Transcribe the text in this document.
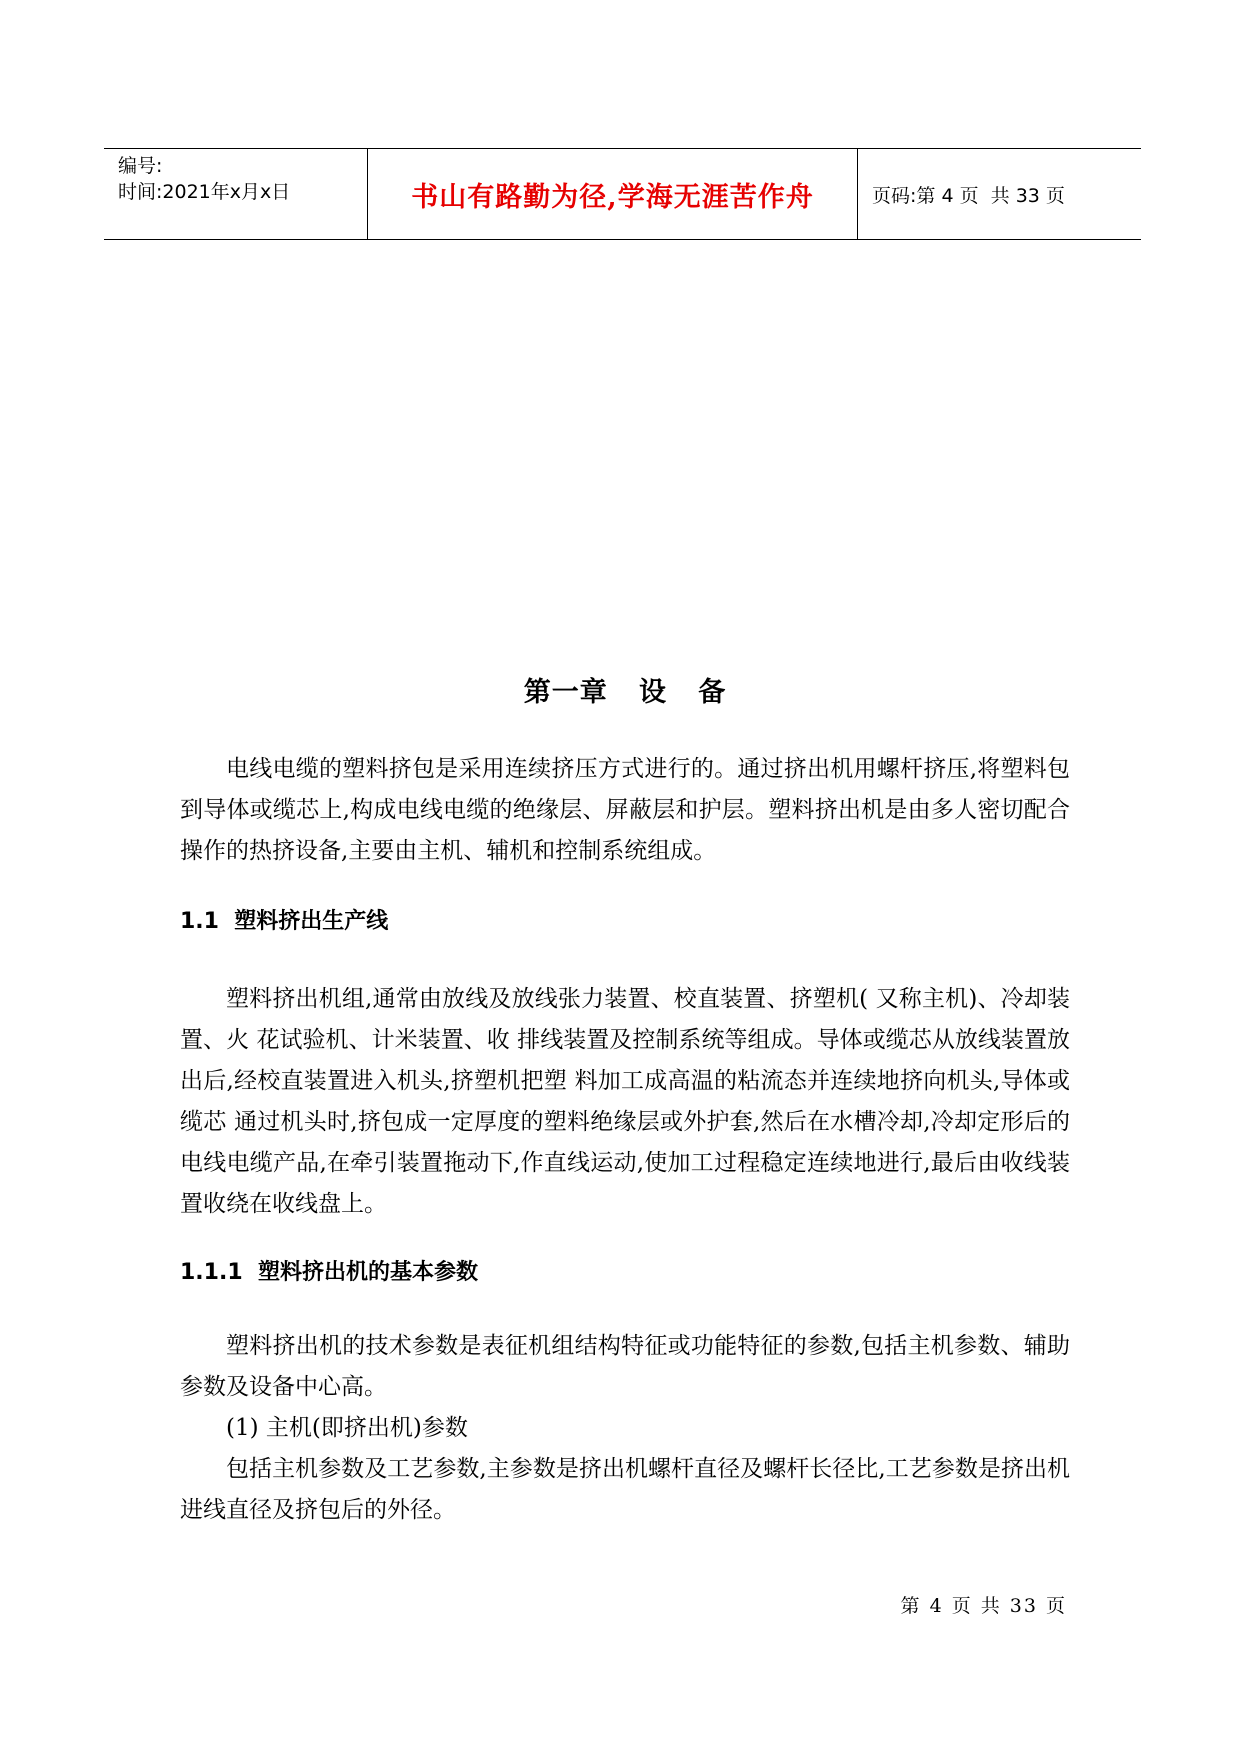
编号:
时间:2021年x月x日	书山有路勤为径,学海无涯苦作舟	页码:第 4 页  共 33 页
第一章   设   备

电线电缆的塑料挤包是采用连续挤压方式进行的。通过挤出机用螺杆挤压,将塑料包到导体或缆芯上,构成电线电缆的绝缘层、屏蔽层和护层。塑料挤出机是由多人密切配合操作的热挤设备,主要由主机、辅机和控制系统组成。

1.1  塑料挤出生产线

塑料挤出机组,通常由放线及放线张力装置、校直装置、挤塑机( 又称主机)、冷却装置、火 花试验机、计米装置、收 排线装置及控制系统等组成。导体或缆芯从放线装置放出后,经校直装置进入机头,挤塑机把塑 料加工成高温的粘流态并连续地挤向机头,导体或缆芯 通过机头时,挤包成一定厚度的塑料绝缘层或外护套,然后在水槽冷却,冷却定形后的电线电缆产品,在牵引装置拖动下,作直线运动,使加工过程稳定连续地进行,最后由收线装置收绕在收线盘上。

1.1.1  塑料挤出机的基本参数

塑料挤出机的技术参数是表征机组结构特征或功能特征的参数,包括主机参数、辅助参数及设备中心高。

(1) 主机(即挤出机)参数

包括主机参数及工艺参数,主参数是挤出机螺杆直径及螺杆长径比,工艺参数是挤出机进线直径及挤包后的外径。

第 4 页 共 33 页
